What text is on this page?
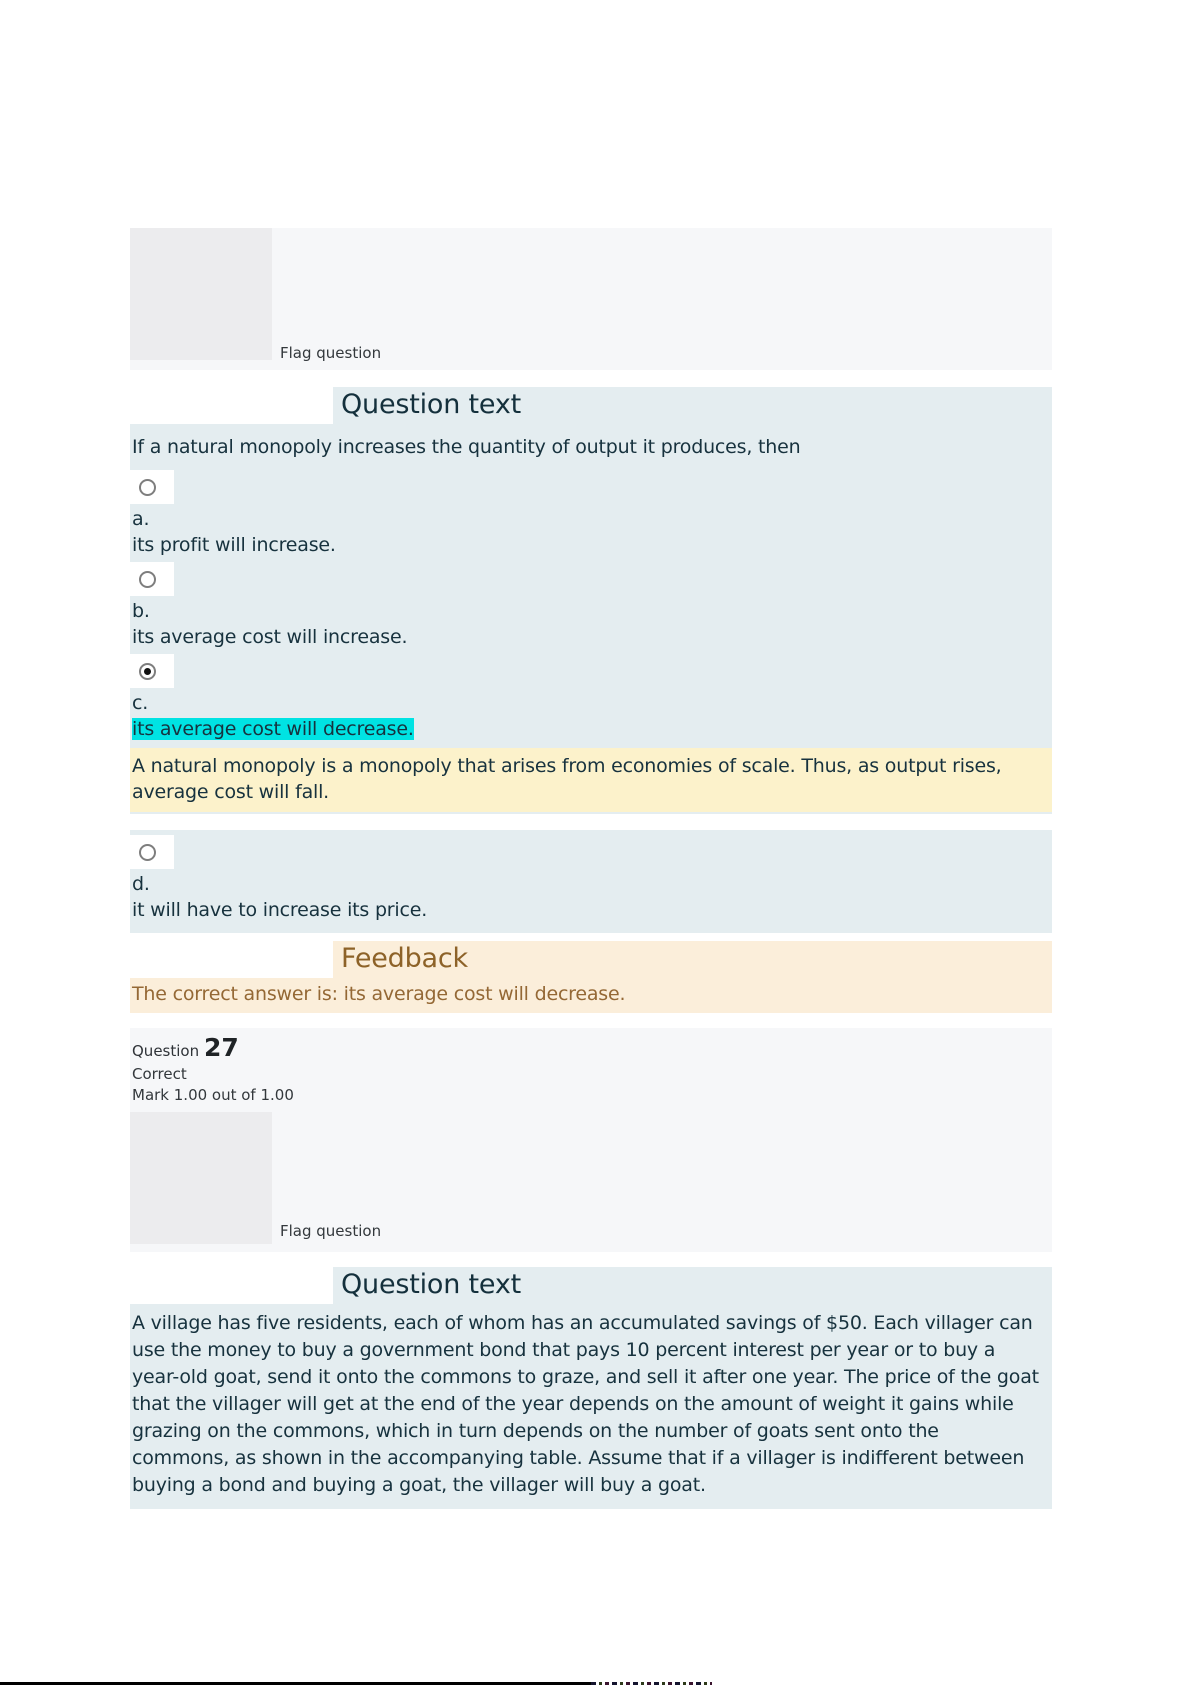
Flag question
Question text

If a natural monopoly increases the quantity of output it produces, then

a.
its profit will increase.
b.
its average cost will increase.
c.
its average cost will decrease.
A natural monopoly is a monopoly that arises from economies of scale. Thus, as output rises, average cost will fall.
d.
it will have to increase its price.
Feedback

The correct answer is: its average cost will decrease.

Question 27
Correct
Mark 1.00 out of 1.00
Flag question
Question text

A village has five residents, each of whom has an accumulated savings of $50. Each villager can use the money to buy a government bond that pays 10 percent interest per year or to buy a year-old goat, send it onto the commons to graze, and sell it after one year. The price of the goat that the villager will get at the end of the year depends on the amount of weight it gains while grazing on the commons, which in turn depends on the number of goats sent onto the commons, as shown in the accompanying table. Assume that if a villager is indifferent between buying a bond and buying a goat, the villager will buy a goat.
